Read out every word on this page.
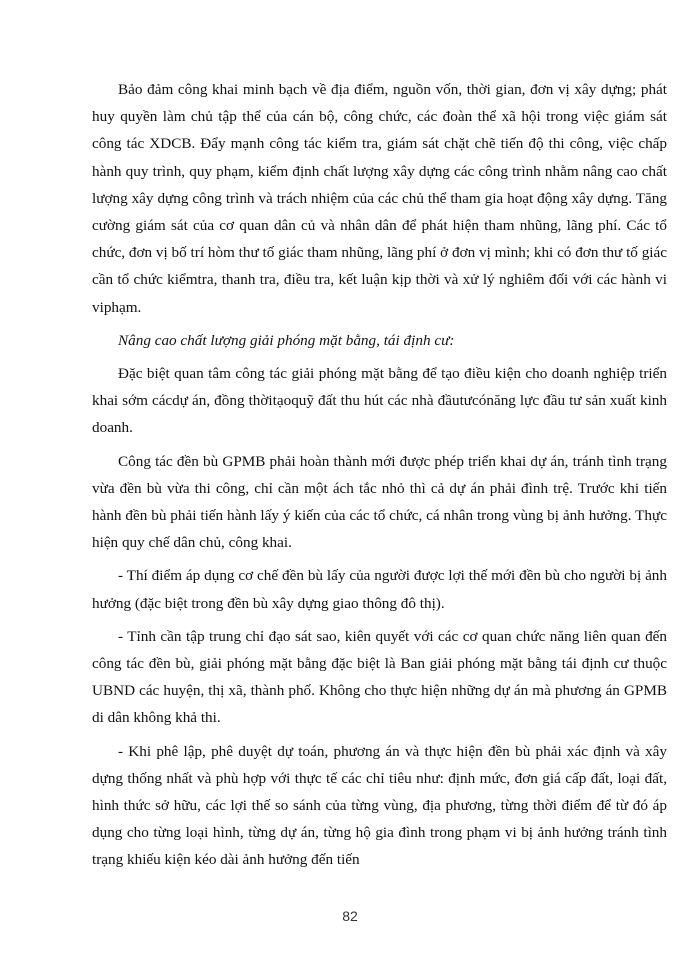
Bảo đảm công khai minh bạch về địa điểm, nguồn vốn, thời gian, đơn vị xây dựng; phát huy quyền làm chủ tập thể của cán bộ, công chức, các đoàn thể xã hội trong việc giám sát công tác XDCB. Đẩy mạnh công tác kiểm tra, giám sát chặt chẽ tiến độ thi công, việc chấp hành quy trình, quy phạm, kiểm định chất lượng xây dựng các công trình nhằm nâng cao chất lượng xây dựng công trình và trách nhiệm của các chủ thể tham gia hoạt động xây dựng. Tăng cường giám sát của cơ quan dân củ và nhân dân để phát hiện tham nhũng, lãng phí. Các tổ chức, đơn vị bố trí hòm thư tố giác tham nhũng, lãng phí ở đơn vị mình; khi có đơn thư tố giác cần tổ chức kiểmtra, thanh tra, điều tra, kết luận kịp thời và xử lý nghiêm đối với các hành vi viphạm.

Nâng cao chất lượng giải phóng mặt bằng, tái định cư:

Đặc biệt quan tâm công tác giải phóng mặt bằng để tạo điều kiện cho doanh nghiệp triển khai sớm cácdự án, đồng thờitạoquỹ đất thu hút các nhà đầutưcónăng lực đầu tư sản xuất kinh doanh.

Công tác đền bù GPMB phải hoàn thành mới được phép triển khai dự án, tránh tình trạng vừa đền bù vừa thi công, chỉ cần một ách tắc nhỏ thì cả dự án phải đình trệ. Trước khi tiến hành đền bù phải tiến hành lấy ý kiến của các tổ chức, cá nhân trong vùng bị ảnh hưởng. Thực hiện quy chế dân chủ, công khai.

- Thí điểm áp dụng cơ chế đền bù lấy của người được lợi thế mới đền bù cho người bị ảnh hưởng (đặc biệt trong đền bù xây dựng giao thông đô thị).

- Tỉnh cần tập trung chỉ đạo sát sao, kiên quyết với các cơ quan chức năng liên quan đến công tác đền bù, giải phóng mặt bằng đặc biệt là Ban giải phóng mặt bằng tái định cư thuộc UBND các huyện, thị xã, thành phố. Không cho thực hiện những dự án mà phương án GPMB di dân không khả thi.

- Khi phê lập, phê duyệt dự toán, phương án và thực hiện đền bù phải xác định và xây dựng thống nhất và phù hợp với thực tế các chỉ tiêu như: định mức, đơn giá cấp đất, loại đất, hình thức sở hữu, các lợi thế so sánh của từng vùng, địa phương, từng thời điểm để từ đó áp dụng cho từng loại hình, từng dự án, từng hộ gia đình trong phạm vi bị ảnh hưởng tránh tình trạng khiếu kiện kéo dài ảnh hưởng đến tiến

82
